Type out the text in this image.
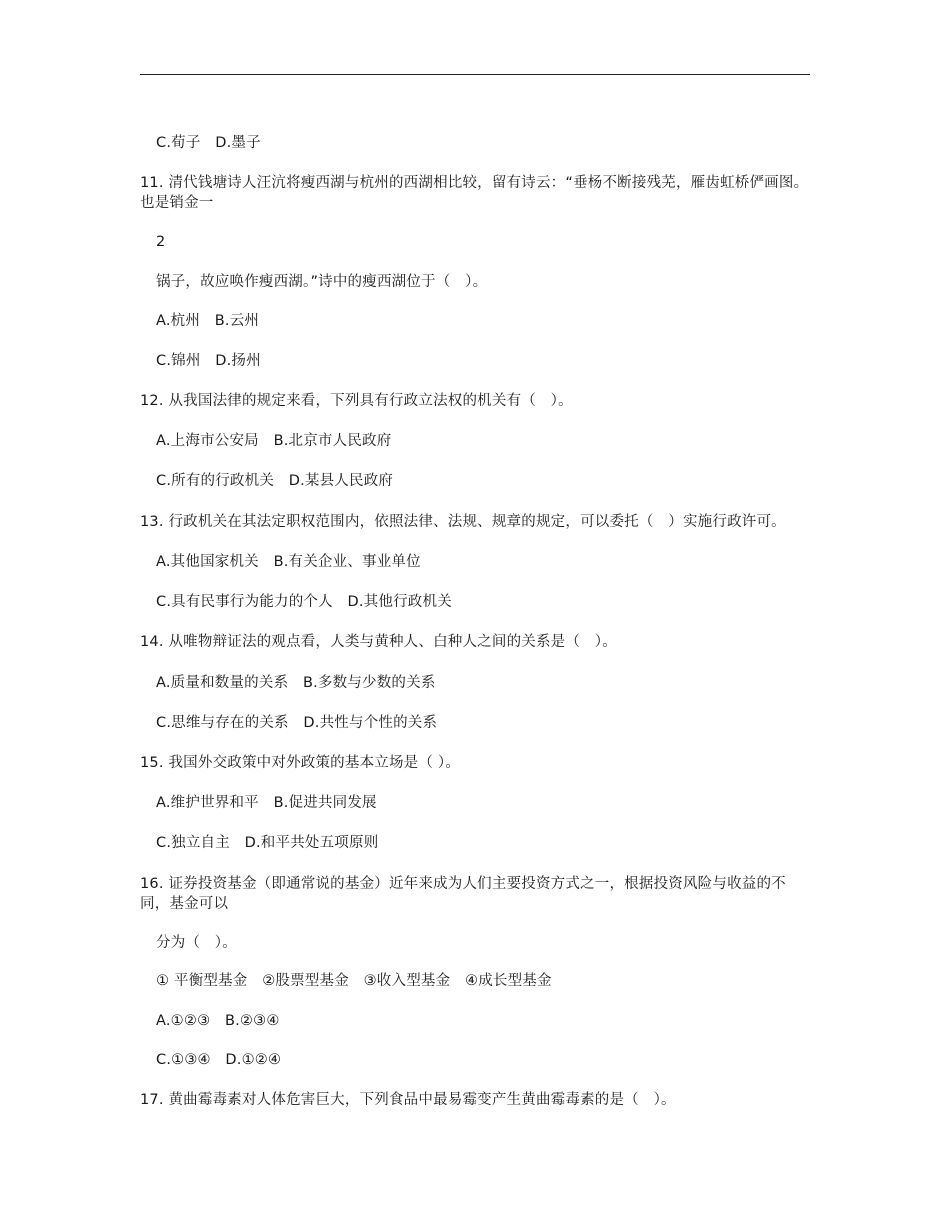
C.荀子　D.墨子
11. 清代钱塘诗人汪沆将瘦西湖与杭州的西湖相比较，留有诗云：“垂杨不断接残芜，雁齿虹桥俨画图。也是销金一
2
锅子，故应唤作瘦西湖。”诗中的瘦西湖位于（　）。
A.杭州　B.云州
C.锦州　D.扬州
12. 从我国法律的规定来看，下列具有行政立法权的机关有（　）。
A.上海市公安局　B.北京市人民政府
C.所有的行政机关　D.某县人民政府
13. 行政机关在其法定职权范围内，依照法律、法规、规章的规定，可以委托（　）实施行政许可。
A.其他国家机关　B.有关企业、事业单位
C.具有民事行为能力的个人　D.其他行政机关
14. 从唯物辩证法的观点看，人类与黄种人、白种人之间的关系是（　）。
A.质量和数量的关系　B.多数与少数的关系
C.思维与存在的关系　D.共性与个性的关系
15. 我国外交政策中对外政策的基本立场是（ ）。
A.维护世界和平　B.促进共同发展
C.独立自主　D.和平共处五项原则
16. 证券投资基金（即通常说的基金）近年来成为人们主要投资方式之一，根据投资风险与收益的不同，基金可以
分为（　）。
① 平衡型基金　②股票型基金　③收入型基金　④成长型基金
A.①②③　B.②③④
C.①③④　D.①②④
17. 黄曲霉毒素对人体危害巨大，下列食品中最易霉变产生黄曲霉毒素的是（　）。
